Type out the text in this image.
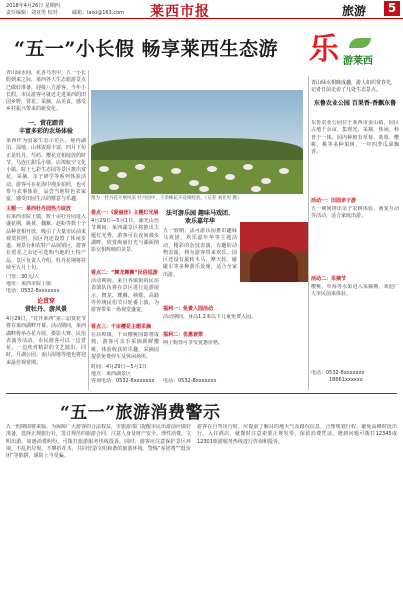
2018年4月26日 星期四
责任编辑：刘亚男 校对： 邮箱：laixi@163.com 莱西市报	旅游	5
“五一”小长假 畅享莱西生态游 乐 游莱西
青山绿水间，花香鸟语中，五一小长假到来之际，莱西各大生态旅游景点已做好准备，迎接八方游客。今年小长假，市民游客可就近走进莱西的田园乡野，赏花、采摘、品美食，感受乡村振兴带来的新变化。
一、赏花踏青
丰富多彩的农场体验
莱西作为国家生态示范区，境内湖泊、湿地、山林资源丰富，四月下旬正是牡丹、芍药、樱花竞相绽放的时节。马连庄甜瓜小镇、店埠航空文化小镇、院上七彩生态园等景区推出赏花、采摘、亲子研学等系列体验活动。游客可在花海中漫步拍照，也可参与农事体验，品尝当地特色农家宴，感受田园生活的惬意与乐趣。
主题一：莱西牡丹园热力绽放
在莱西市院上镇，数十亩牡丹园进入盛花期，姚黄、魏紫、赵粉等数十个品种竞相开放，吸引了大量市民前来观赏拍照。园区内还设置了休闲步道、观景台和农特产品展销区，游客在赏花之余还可选购当地的土特产品。景区负责人介绍，牡丹花期将持续至五月上旬。
门票：30元/人
地址：莱西市院上镇
电话：0532-8xxxxxxx
论贯穿
赏牡丹、游风景
4月29日，“花开莱西”第三届赏花节将在莱西湖畔开幕。活动期间，莱西湖畔将举办花卉展、摄影大赛、民俗表演等活动，市民游客可以一边赏花，一边欣赏精彩的文艺演出。同时，月湖公园、姜山湿地等地也将迎来最佳观赏期。
图为：牡丹花开展风采 牡丹园中，千余株花卉竞相绽放。（记者 刘亚男 摄）
看点一：《爱丽丝》主题灯光展
4月29日—5月1日，湖光山色节期间，莱西湖景区将推出主题灯光秀，游客可在夜间漫步湖畔，欣赏绚丽灯光与湖面倒影交相辉映的美景。
看点二：“舞龙舞狮”民俗巡游
活动期间，来自各镇街的民俗表演队伍将在景区进行巡游展示，舞龙、舞狮、秧歌、高跷等传统民俗节目轮番上演，为游客带来一场视觉盛宴。
看点三：千亩樱花主题采摘
在店埠镇，千亩樱桃园即将成熟，游客可亲手采摘新鲜樱桃，体验收获的乐趣。采摘园提供免费停车及休闲场所。
时间：4月29日—5月1日
地点：莱西湖景区
咨询电话：0532-8xxxxxxx
法可游乐园 趣味马戏团、欢乐嘉年华
五一假期，法可游乐园推出趣味马戏团、欢乐嘉年华等主题活动，精彩的杂技表演、有趣的动物表演，将为游客带来欢乐。园区还设有旋转木马、摩天轮、碰碰车等多种游乐设施，适合全家出游。
福利一：免费入园活动
活动期间，身高1.2米以下儿童免费入园。
福利二：优惠套票
网上购票可享受优惠价格。
电话：0532-8xxxxxxx
青山绿水相映成趣，游人如织赏春光，记者日前走访了几处生态景点。
东鲁农业公园 百果香·香飘东鲁
东鲁农业公园位于莱西市姜山镇，园区占地千余亩，集观光、采摘、休闲、科普于一体。园内种植有草莓、蓝莓、樱桃、桃等多种果树，一年四季瓜果飘香。
活动一：田园亲子游
五一期间推出亲子农耕体验、萌宠互动等活动，适合家庭出游。
活动二：采摘节
樱桃、草莓等水果进入采摘期，欢迎广大市民前来体验。
电话：0532-8xxxxxxx
18661xxxxxx
“五一”旅游消费警示
五一假期即将来临，为保障广大游客的合法权益，市旅游部门提醒市民出游前应做好准备，选择正规旅行社，签订规范的旅游合同，注意人身及财产安全，理性消费，文明出游。如遇消费纠纷，可拨打旅游服务热线投诉。同时，游客应注意保护景区环境，不乱扔垃圾，不攀折花木，共同营造文明和谐的旅游环境。警惕“零团费”“低价团”等陷阱，谨防上当受骗。
游客在自驾出行时，应提前了解目的地天气及路况信息，合理规划行程，避免高峰时段出行。入住酒店、就餐时注意索要正规发票，保留消费凭证。遇到问题可拨打12345或12301旅游服务热线进行咨询和投诉。
